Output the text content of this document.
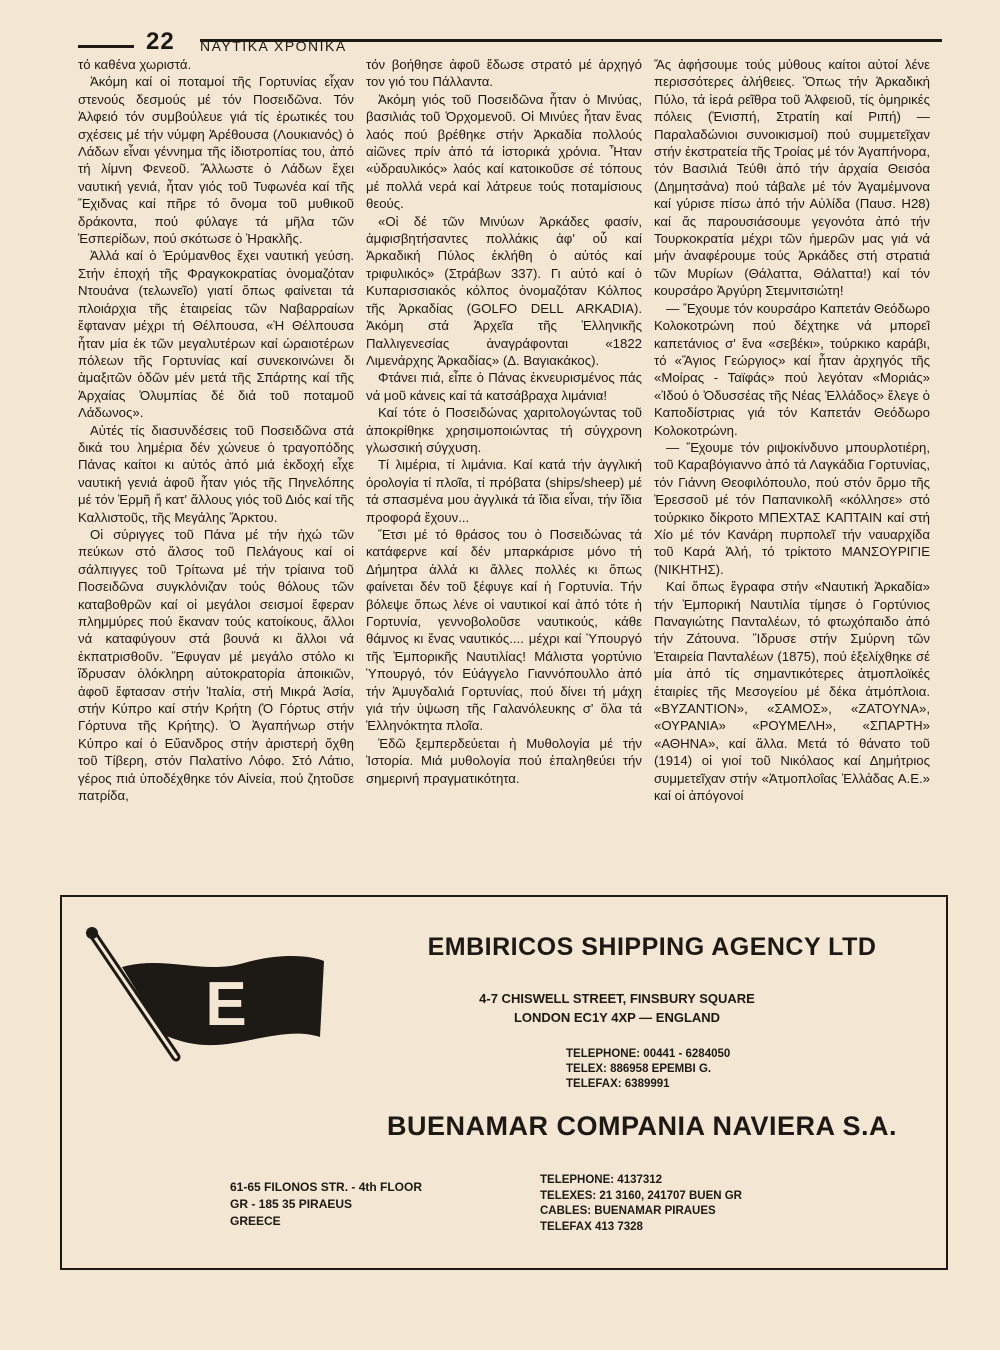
22 ΝΑΥΤΙΚΑ ΧΡΟΝΙΚΑ

τό καθένα χωριστά.

Ἀκόμη καί οἱ ποταμοί τῆς Γορτυνίας εἶχαν στενούς δεσμούς μέ τόν Ποσειδῶνα. Τόν Ἀλφειό τόν συμβούλευε γιά τίς ἐρωτικές του σχέσεις μέ τήν νύμφη Ἀρέθουσα (Λουκιανός) ὁ Λάδων εἶναι γέννημα τῆς ἰδιοτροπίας του, ἀπό τή λίμνη Φενεοῦ. Ἄλλωστε ὁ Λάδων ἔχει ναυτική γενιά, ἦταν γιός τοῦ Τυφωνέα καί τῆς Ἔχιδνας καί πῆρε τό ὄνομα τοῦ μυθικοῦ δράκοντα, πού φύλαγε τά μῆλα τῶν Ἑσπερίδων, πού σκότωσε ὁ Ἡρακλῆς.

Ἀλλά καί ὁ Ἐρύμανθος ἔχει ναυτική γεύση. Στήν ἐποχή τῆς Φραγκοκρατίας ὀνομαζόταν Ντουάνα (τελωνεῖο) γιατί ὅπως φαίνεται τά πλοιάρχια τῆς ἑταιρείας τῶν Ναβαρραίων ἔφταναν μέχρι τή Θέλπουσα, «Ἡ Θέλπουσα ἦταν μία ἐκ τῶν μεγαλυτέρων καί ὡραιοτέρων πόλεων τῆς Γορτυνίας καί συνεκοινώνει δι ἁμαξιτῶν ὁδῶν μέν μετά τῆς Σπάρτης καί τῆς Ἀρχαίας Ὀλυμπίας δέ διά τοῦ ποταμοῦ Λάδωνος».

Αὐτές τίς διασυνδέσεις τοῦ Ποσειδῶνα στά δικά του λημέρια δέν χώνευε ὁ τραγοπόδης Πάνας καίτοι κι αὐτός ἀπό μιά ἐκδοχή εἶχε ναυτική γενιά ἀφοῦ ἦταν γιός τῆς Πηνελόπης μέ τόν Ἑρμῆ ἤ κατ' ἄλλους γιός τοῦ Διός καί τῆς Καλλιστοῦς, τῆς Μεγάλης Ἄρκτου.

Οἱ σύριγγες τοῦ Πάνα μέ τήν ἠχώ τῶν πεύκων στό ἄλσος τοῦ Πελάγους καί οἱ σάλπιγγες τοῦ Τρίτωνα μέ τήν τρίαινα τοῦ Ποσειδῶνα συγκλόνιζαν τούς θόλους τῶν καταβοθρῶν καί οἱ μεγάλοι σεισμοί ἔφεραν πλημμύρες πού ἔκαναν τούς κατοίκους, ἄλλοι νά καταφύγουν στά βουνά κι ἄλλοι νά ἐκπατρισθοῦν. Ἔφυγαν μέ μεγάλο στόλο κι ἵδρυσαν ὁλόκληρη αὐτοκρατορία ἀποικιῶν, ἀφοῦ ἔφτασαν στήν Ἰταλία, στή Μικρά Ἀσία, στήν Κύπρο καί στήν Κρήτη (Ὁ Γόρτυς στήν Γόρτυνα τῆς Κρήτης). Ὁ Ἀγαπήνωρ στήν Κύπρο καί ὁ Εὔανδρος στήν ἀριστερή ὄχθη τοῦ Τίβερη, στόν Παλατίνο Λόφο. Στό Λάτιο, γέρος πιά ὑποδέχθηκε τόν Αἰνεία, πού ζητοῦσε πατρίδα,

τόν βοήθησε ἀφοῦ ἔδωσε στρατό μέ ἀρχηγό τον γιό του Πάλλαντα.

Ἀκόμη γιός τοῦ Ποσειδῶνα ἦταν ὁ Μινύας, βασιλιάς τοῦ Ὀρχομενοῦ. Οἱ Μινύες ἦταν ἕνας λαός πού βρέθηκε στήν Ἀρκαδία πολλούς αἰῶνες πρίν ἀπό τά ἱστορικά χρόνια. Ἦταν «ὑδραυλικός» λαός καί κατοικοῦσε σέ τόπους μέ πολλά νερά καί λάτρευε τούς ποταμίσιους θεούς.

«Οἱ δέ τῶν Μινύων Ἀρκάδες φασίν, ἀμφισβητήσαντες πολλάκις ἀφ' οὗ καί Ἀρκαδική Πύλος ἐκλήθη ὁ αὐτός καί τριφυλικός» (Στράβων 337). Γι αὐτό καί ὁ Κυπαρισσιακός κόλπος ὀνομαζόταν Κόλπος τῆς Ἀρκαδίας (GOLFO DELL ARKADIA). Ἀκόμη στά Ἀρχεῖα τῆς Ἑλληνικῆς Παλλιγενεσίας ἀναγράφονται «1822 Λιμενάρχης Ἀρκαδίας» (Δ. Βαγιακάκος).

Φτάνει πιά, εἶπε ὁ Πάνας ἐκνευρισμένος πάς νά μοῦ κάνεις καί τά κατσάβραχα λιμάνια!

Καί τότε ὁ Ποσειδώνας χαριτολογώντας τοῦ ἀποκρίθηκε χρησιμοποιώντας τή σύγχρονη γλωσσική σύγχυση.

Τί λιμέρια, τί λιμάνια. Καί κατά τήν ἀγγλική ὁρολογία τί πλοῖα, τί πρόβατα (ships/sheep) μέ τά σπασμένα μου ἀγγλικά τά ἴδια εἶναι, τήν ἴδια προφορά ἔχουν...

Ἔτσι μέ τό θράσος του ὁ Ποσειδώνας τά κατάφερνε καί δέν μπαρκάρισε μόνο τή Δήμητρα ἀλλά κι ἄλλες πολλές κι ὅπως φαίνεται δέν τοῦ ξέφυγε καί ἡ Γορτυνία. Τήν βόλεψε ὅπως λένε οἱ ναυτικοί καί ἀπό τότε ἡ Γορτυνία, γεννοβολοῦσε ναυτικούς, κάθε θάμνος κι ἕνας ναυτικός.... μέχρι καί Ὑπουργό τῆς Ἐμπορικῆς Ναυτιλίας! Μάλιστα γορτύνιο Ὑπουργό, τόν Εὐάγγελο Γιαννόπουλλο ἀπό τήν Ἀμυγδαλιά Γορτυνίας, πού δίνει τή μάχη γιά τήν ὑψωση τῆς Γαλανόλευκης σ' ὅλα τά Ἑλληνόκτητα πλοῖα.

Ἐδῶ ξεμπερδεύεται ἡ Μυθολογία μέ τήν Ἱστορία. Μιά μυθολογία πού ἐπαληθεύει τήν σημερινή πραγματικότητα.

Ἄς ἀφήσουμε τούς μύθους καίτοι αὐτοί λένε περισσότερες ἀλήθειες. Ὅπως τήν Ἀρκαδική Πύλο, τά ἱερά ρεῖθρα τοῦ Ἀλφειοῦ, τίς ὁμηρικές πόλεις (Ἐνισπή, Στρατίη καί Ριπή) — Παραλαδώνιοι συνοικισμοί) πού συμμετεῖχαν στήν ἐκστρατεία τῆς Τροίας μέ τόν Ἀγαπήνορα, τόν Βασιλιά Τεύθι ἀπό τήν ἀρχαία Θεισόα (Δημητσάνα) πού τάβαλε μέ τόν Ἀγαμέμνονα καί γύρισε πίσω ἀπό τήν Αὐλίδα (Παυσ. Η28) καί ἄς παρουσιάσουμε γεγονότα ἀπό τήν Τουρκοκρατία μέχρι τῶν ἡμερῶν μας γιά νά μήν ἀναφέρουμε τούς Ἀρκάδες στή στρατιά τῶν Μυρίων (Θάλαττα, Θάλαττα!) καί τόν κουρσάρο Ἀργύρη Στεμνιτσιώτη!

— Ἔχουμε τόν κουρσάρο Καπετάν Θεόδωρο Κολοκοτρώνη πού δέχτηκε νά μπορεῖ καπετάνιος σ' ἕνα «σεβέκι», τούρκικο καράβι, τό «Ἅγιος Γεώργιος» καί ἦταν ἀρχηγός τῆς «Μοίρας - Ταϊφάς» πού λεγόταν «Μοριάς» «Ἰδού ὁ Ὀδυσσέας τῆς Νέας Ἑλλάδος» ἔλεγε ὁ Καποδίστριας γιά τόν Καπετάν Θεόδωρο Κολοκοτρώνη.

— Ἔχουμε τόν ριψοκίνδυνο μπουρλοτιέρη, τοῦ Καραβόγιαννο ἀπό τά Λαγκάδια Γορτυνίας, τόν Γιάννη Θεοφιλόπουλο, πού στόν ὅρμο τῆς Ἐρεσσοῦ μέ τόν Παπανικολῆ «κόλλησε» στό τούρκικο δίκροτο ΜΠΕΧΤΑΣ ΚΑΠΤΑΙΝ καί στή Χίο μέ τόν Κανάρη πυρπολεῖ τήν ναυαρχίδα τοῦ Καρά Ἀλή, τό τρίκτοτο ΜΑΝΣΟΥΡΙΓΙΕ (ΝΙΚΗΤΗΣ).

Καί ὅπως ἔγραφα στήν «Ναυτική Ἀρκαδία» τήν Ἐμπορική Ναυτιλία τίμησε ὁ Γορτύνιος Παναγιώτης Πανταλέων, τό φτωχόπαιδο ἀπό τήν Ζάτουνα. Ἵδρυσε στήν Σμύρνη τῶν Ἑταιρεία Πανταλέων (1875), πού ἐξελίχθηκε σέ μία ἀπό τίς σημαντικότερες ἀτμοπλοϊκές ἑταιρίες τῆς Μεσογείου μέ δέκα ἀτμόπλοια. «ΒΥΖΑΝΤΙΟΝ», «ΣΑΜΟΣ», «ΖΑΤΟΥΝΑ», «ΟΥΡΑΝΙΑ» «ΡΟΥΜΕΛΗ», «ΣΠΑΡΤΗ» «ΑΘΗΝΑ», καί ἄλλα. Μετά τό θάνατο τοῦ (1914) οἱ γιοί τοῦ Νικόλαος καί Δημήτριος συμμετεῖχαν στήν «Ἀτμοπλοΐας Ἑλλάδας Α.Ε.» καί οἱ ἀπόγονοί

E
EMBIRICOS SHIPPING AGENCY LTD
4-7 CHISWELL STREET, FINSBURY SQUARE
LONDON EC1Y 4XP — ENGLAND
TELEPHONE: 00441 - 6284050
TELEX: 886958 EPEMBI G.
TELEFAX: 6389991
BUENAMAR COMPANIA NAVIERA S.A.
61-65 FILONOS STR. - 4th FLOOR
GR - 185 35 PIRAEUS
GREECE
TELEPHONE: 4137312
TELEXES: 21 3160, 241707 BUEN GR
CABLES: BUENAMAR PIRAUES
TELEFAX 413 7328
